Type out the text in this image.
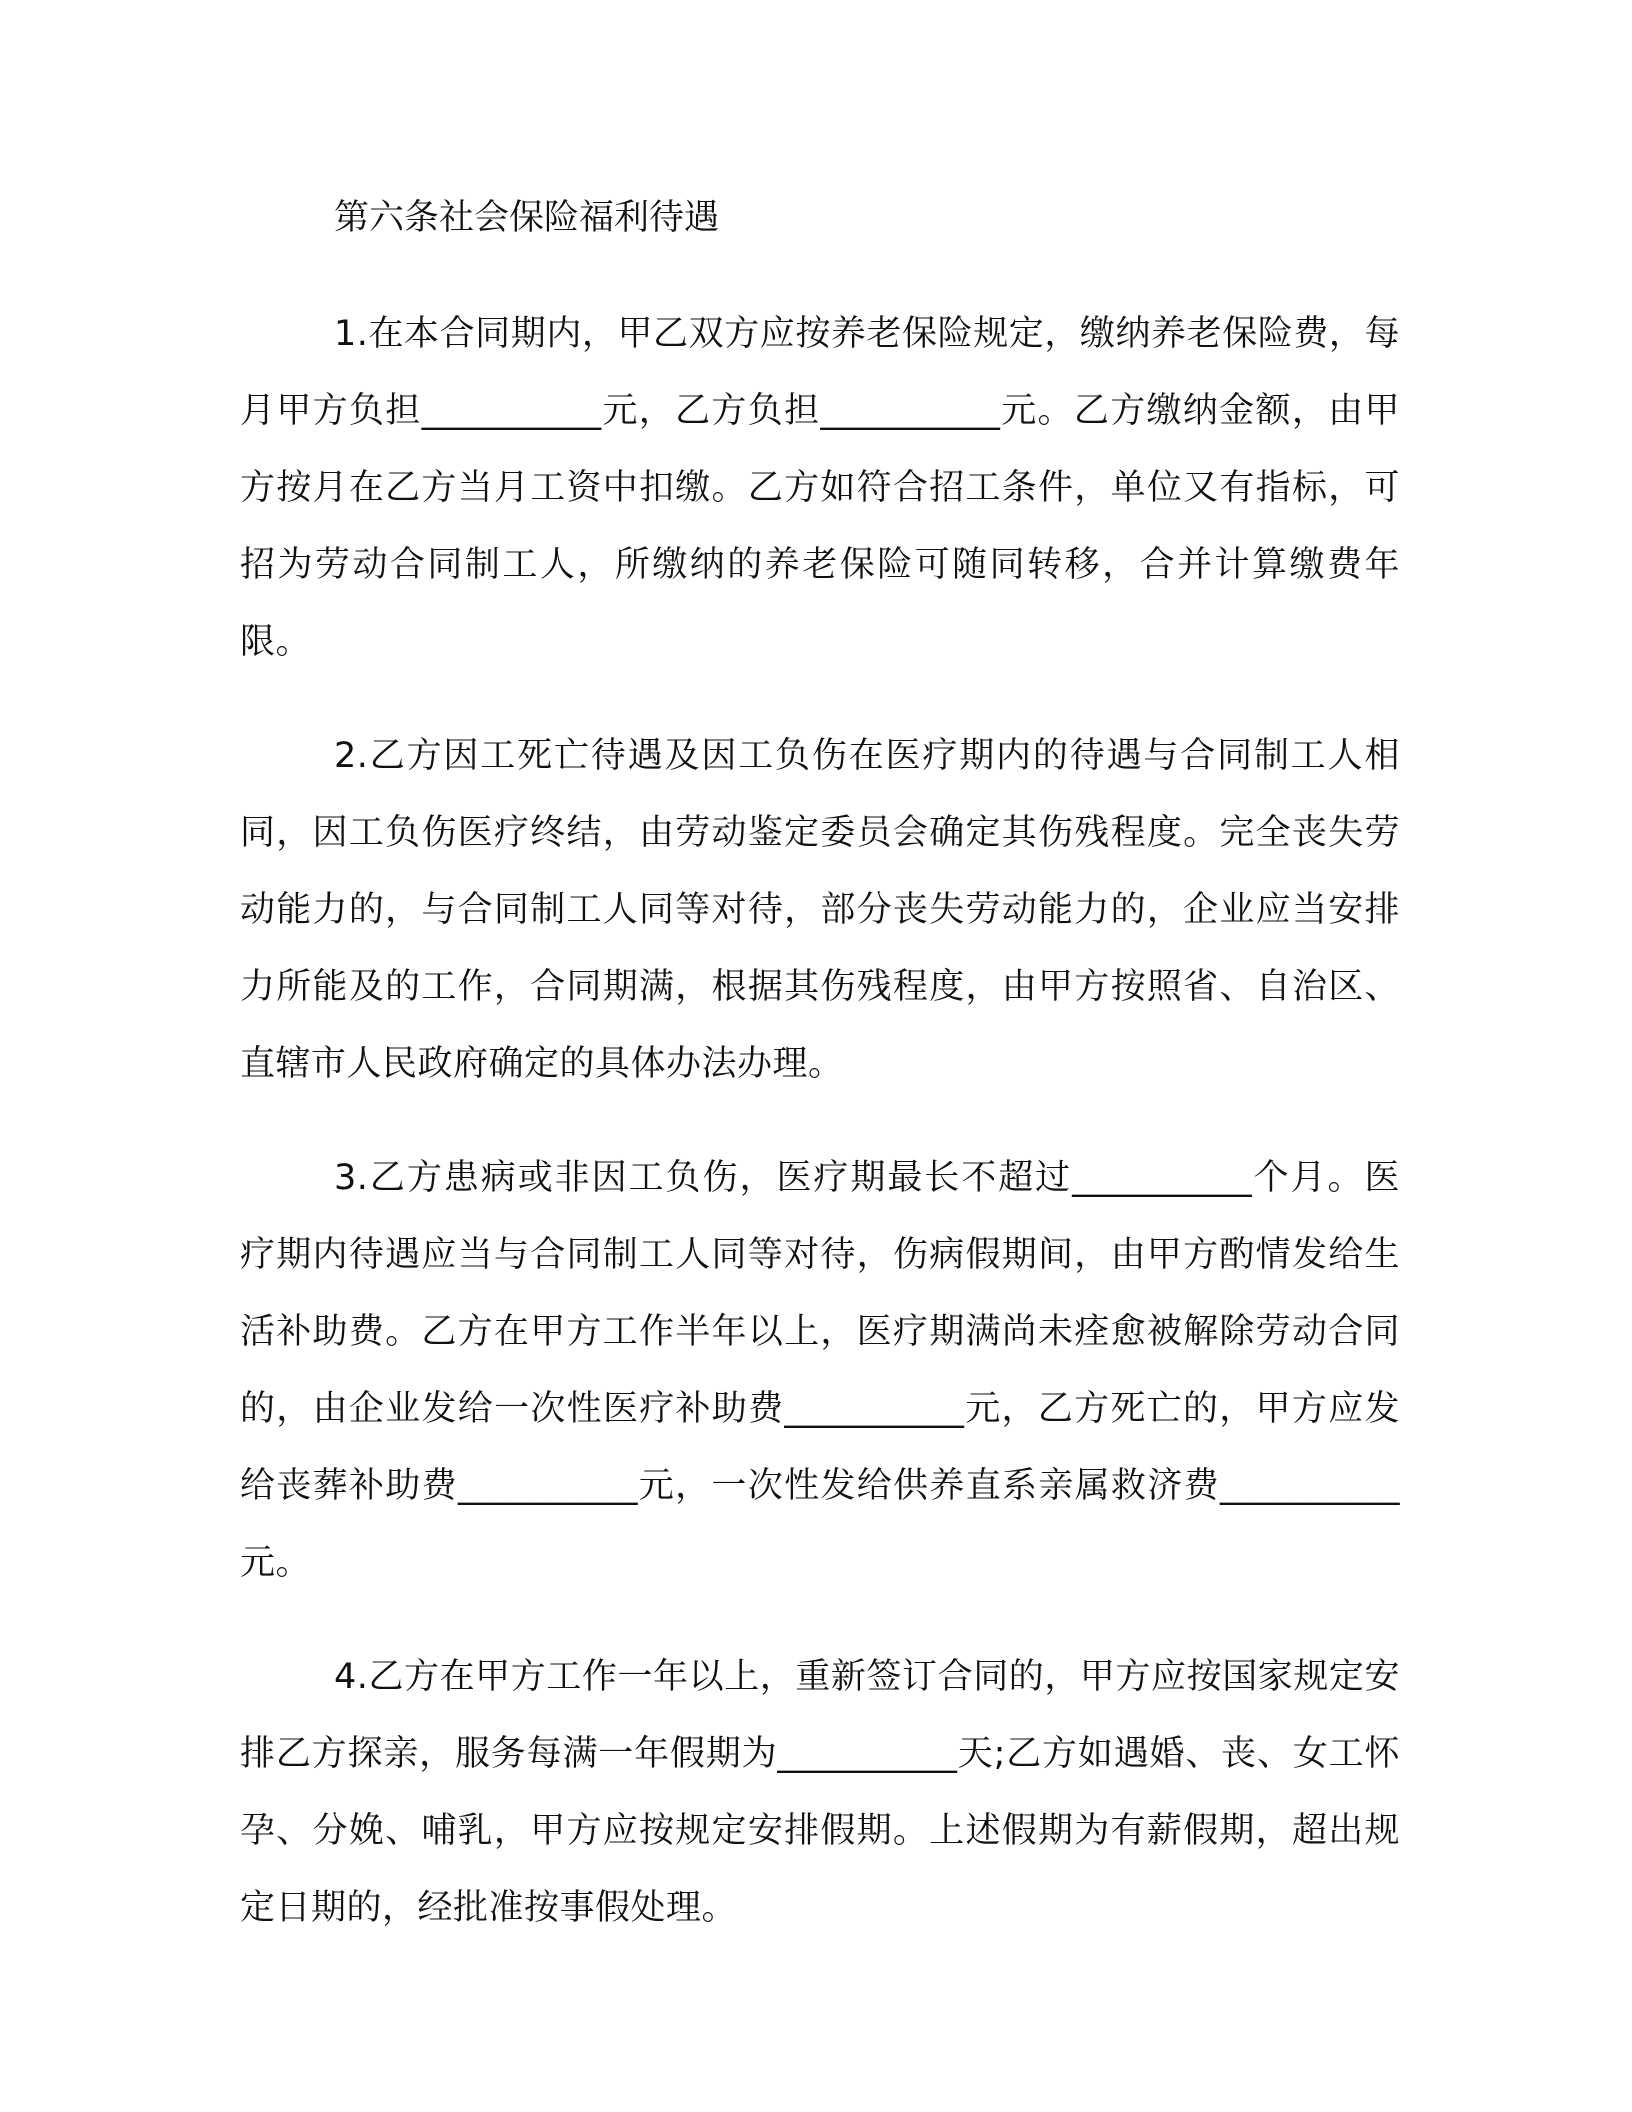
第六条社会保险福利待遇

1.在本合同期内，甲乙双方应按养老保险规定，缴纳养老保险费，每月甲方负担__________元，乙方负担__________元。乙方缴纳金额，由甲方按月在乙方当月工资中扣缴。乙方如符合招工条件，单位又有指标，可招为劳动合同制工人，所缴纳的养老保险可随同转移，合并计算缴费年限。

2.乙方因工死亡待遇及因工负伤在医疗期内的待遇与合同制工人相同，因工负伤医疗终结，由劳动鉴定委员会确定其伤残程度。完全丧失劳动能力的，与合同制工人同等对待，部分丧失劳动能力的，企业应当安排力所能及的工作，合同期满，根据其伤残程度，由甲方按照省、自治区、直辖市人民政府确定的具体办法办理。

3.乙方患病或非因工负伤，医疗期最长不超过__________个月。医疗期内待遇应当与合同制工人同等对待，伤病假期间，由甲方酌情发给生活补助费。乙方在甲方工作半年以上，医疗期满尚未痊愈被解除劳动合同的，由企业发给一次性医疗补助费__________元，乙方死亡的，甲方应发给丧葬补助费__________元，一次性发给供养直系亲属救济费__________元。

4.乙方在甲方工作一年以上，重新签订合同的，甲方应按国家规定安排乙方探亲，服务每满一年假期为__________天;乙方如遇婚、丧、女工怀孕、分娩、哺乳，甲方应按规定安排假期。上述假期为有薪假期，超出规定日期的，经批准按事假处理。
